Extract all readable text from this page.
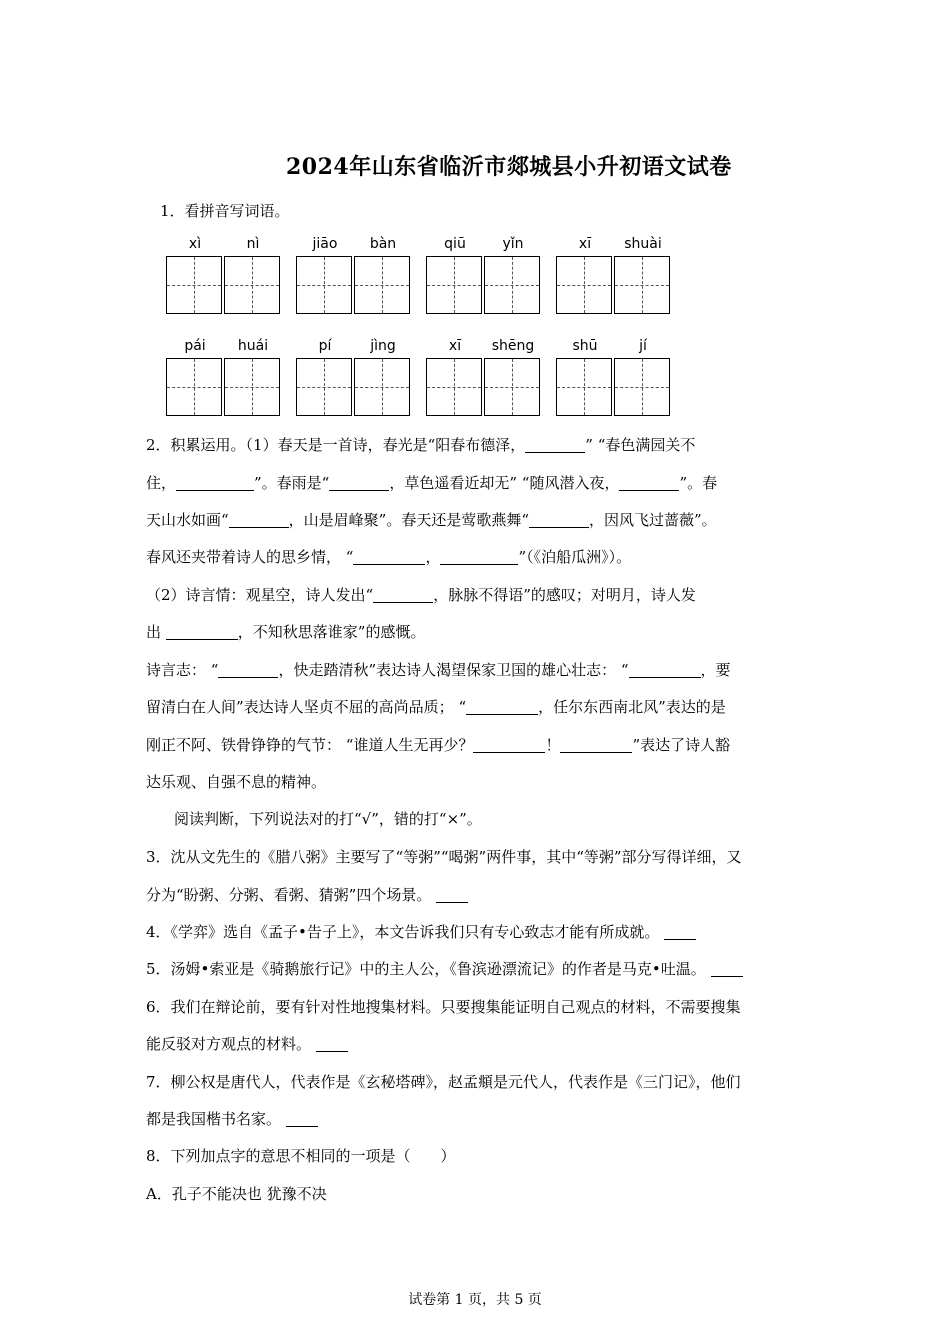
2024年山东省临沂市郯城县小升初语文试卷
1．看拼音写词语。
xì	nì	jiāo	bàn	qiū	yǐn	xī	shuài
pái	huái	pí	jìng	xī	shēng	shū	jí
2．积累运用。（1）春天是一首诗，春光是“阳春布德泽，	” “春色满园关不
住，	”。春雨是“	，草色遥看近却无” “随风潜入夜，	”。春
天山水如画“	，山是眉峰聚”。春天还是莺歌燕舞“	，因风飞过蔷薇”。
春风还夹带着诗人的思乡情， “	，	”（《泊船瓜洲》）。
（2）诗言情：观星空，诗人发出“	，脉脉不得语”的感叹；对明月，诗人发
出	，不知秋思落谁家”的感慨。
诗言志： “	，快走踏清秋”表达诗人渴望保家卫国的雄心壮志： “	，要
留清白在人间”表达诗人坚贞不屈的高尚品质； “	，任尔东西南北风”表达的是
刚正不阿、铁骨铮铮的气节： “谁道人生无再少？	！	”表达了诗人豁
达乐观、自强不息的精神。
阅读判断，下列说法对的打“√”，错的打“×”。
3．沈从文先生的《腊八粥》主要写了“等粥”“喝粥”两件事，其中“等粥”部分写得详细，又
分为“盼粥、分粥、看粥、猜粥”四个场景。
4．《学弈》选自《孟子•告子上》，本文告诉我们只有专心致志才能有所成就。
5．汤姆•索亚是《骑鹅旅行记》中的主人公，《鲁滨逊漂流记》的作者是马克•吐温。
6．我们在辩论前，要有针对性地搜集材料。只要搜集能证明自己观点的材料，不需要搜集
能反驳对方观点的材料。
7．柳公权是唐代人，代表作是《玄秘塔碑》，赵孟頫是元代人，代表作是《三门记》，他们
都是我国楷书名家。
8．下列加点字的意思不相同的一项是（　　）
A．孔子不能决也 犹豫不决
试卷第 1 页，共 5 页
